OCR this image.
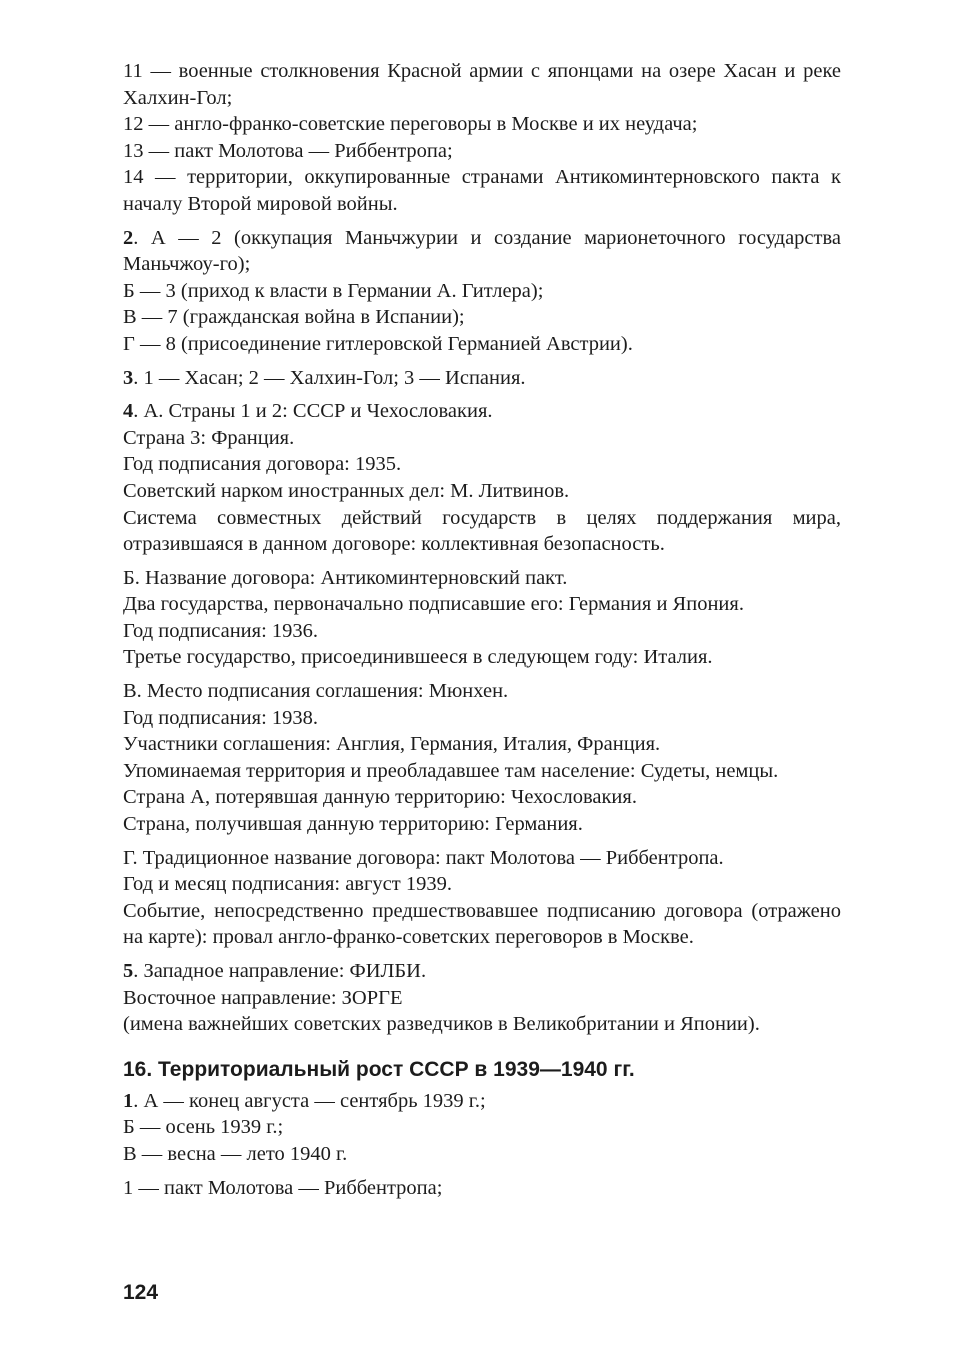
11 — военные столкновения Красной армии с японцами на озере Хасан и реке Халхин-Гол;

12 — англо-франко-советские переговоры в Москве и их неудача;

13 — пакт Молотова — Риббентропа;

14 — территории, оккупированные странами Антикоминтерновского пакта к началу Второй мировой войны.

2. А — 2 (оккупация Маньчжурии и создание марионеточного государства Маньчжоу-го);

Б — 3 (приход к власти в Германии А. Гитлера);

В — 7 (гражданская война в Испании);

Г — 8 (присоединение гитлеровской Германией Австрии).

3. 1 — Хасан; 2 — Халхин-Гол; 3 — Испания.

4. А. Страны 1 и 2: СССР и Чехословакия.

Страна 3: Франция.

Год подписания договора: 1935.

Советский нарком иностранных дел: М. Литвинов.

Система совместных действий государств в целях поддержания мира, отразившаяся в данном договоре: коллективная безопасность.

Б. Название договора: Антикоминтерновский пакт.

Два государства, первоначально подписавшие его: Германия и Япония.

Год подписания: 1936.

Третье государство, присоединившееся в следующем году: Италия.

В. Место подписания соглашения: Мюнхен.

Год подписания: 1938.

Участники соглашения: Англия, Германия, Италия, Франция.

Упоминаемая территория и преобладавшее там население: Судеты, немцы.

Страна А, потерявшая данную территорию: Чехословакия.

Страна, получившая данную территорию: Германия.

Г. Традиционное название договора: пакт Молотова — Риббентропа.

Год и месяц подписания: август 1939.

Событие, непосредственно предшествовавшее подписанию договора (отражено на карте): провал англо-франко-советских переговоров в Москве.

5. Западное направление: ФИЛБИ.

Восточное направление: ЗОРГЕ

(имена важнейших советских разведчиков в Великобритании и Японии).

16. Территориальный рост СССР в 1939—1940 гг.

1. А — конец августа — сентябрь 1939 г.;

Б — осень 1939 г.;

В — весна — лето 1940 г.

1 — пакт Молотова — Риббентропа;

124
